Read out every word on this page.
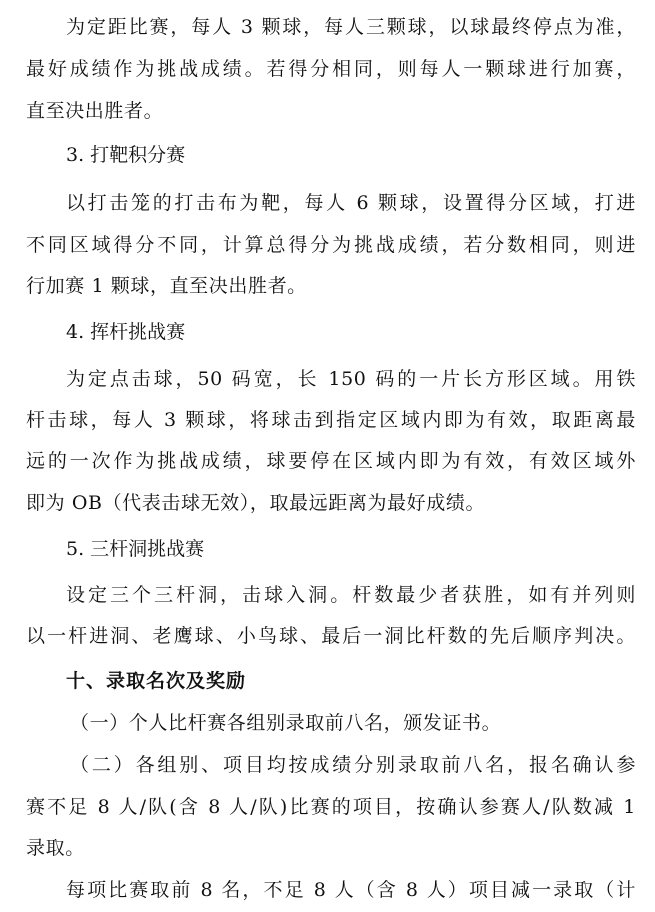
为定距比赛，每人 3 颗球，每人三颗球，以球最终停点为准，
最好成绩作为挑战成绩。若得分相同，则每人一颗球进行加赛，
直至决出胜者。
3. 打靶积分赛
以打击笼的打击布为靶，每人 6 颗球，设置得分区域，打进
不同区域得分不同，计算总得分为挑战成绩，若分数相同，则进
行加赛 1 颗球，直至决出胜者。
4. 挥杆挑战赛
为定点击球，50 码宽，长 150 码的一片长方形区域。用铁
杆击球，每人 3 颗球，将球击到指定区域内即为有效，取距离最
远的一次作为挑战成绩，球要停在区域内即为有效，有效区域外
即为 OB（代表击球无效），取最远距离为最好成绩。
5. 三杆洞挑战赛
设定三个三杆洞，击球入洞。杆数最少者获胜，如有并列则
以一杆进洞、老鹰球、小鸟球、最后一洞比杆数的先后顺序判决。
十、录取名次及奖励
（一）个人比杆赛各组别录取前八名，颁发证书。
（二）各组别、项目均按成绩分别录取前八名，报名确认参
赛不足 8 人/队(含 8 人/队)比赛的项目，按确认参赛人/队数减 1
录取。
每项比赛取前 8 名，不足 8 人（含 8 人）项目减一录取（计
